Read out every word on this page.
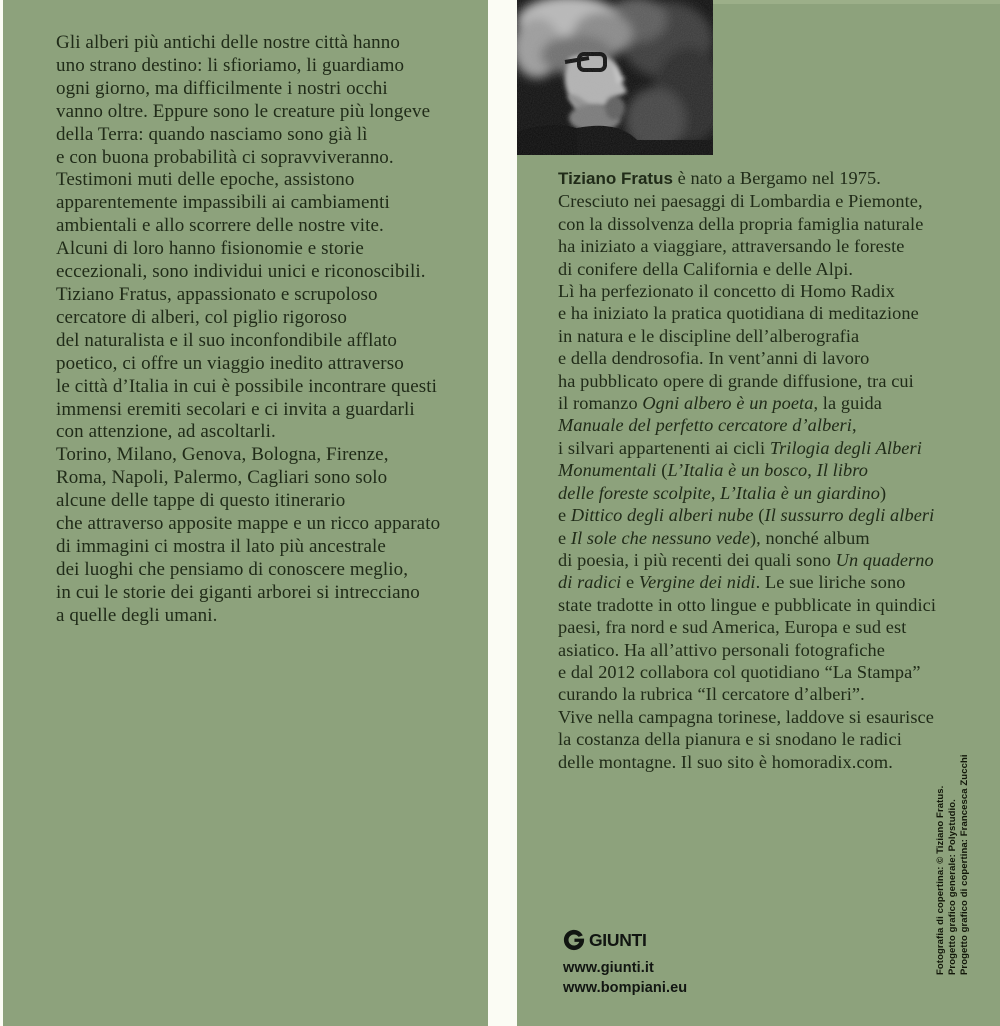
Gli alberi più antichi delle nostre città hanno
uno strano destino: li sfioriamo, li guardiamo
ogni giorno, ma difficilmente i nostri occhi
vanno oltre. Eppure sono le creature più longeve
della Terra: quando nasciamo sono già lì
e con buona probabilità ci sopravviveranno.
Testimoni muti delle epoche, assistono
apparentemente impassibili ai cambiamenti
ambientali e allo scorrere delle nostre vite.
Alcuni di loro hanno fisionomie e storie
eccezionali, sono individui unici e riconoscibili.
Tiziano Fratus, appassionato e scrupoloso
cercatore di alberi, col piglio rigoroso
del naturalista e il suo inconfondibile afflato
poetico, ci offre un viaggio inedito attraverso
le città d’Italia in cui è possibile incontrare questi
immensi eremiti secolari e ci invita a guardarli
con attenzione, ad ascoltarli.
Torino, Milano, Genova, Bologna, Firenze,
Roma, Napoli, Palermo, Cagliari sono solo
alcune delle tappe di questo itinerario
che attraverso apposite mappe e un ricco apparato
di immagini ci mostra il lato più ancestrale
dei luoghi che pensiamo di conoscere meglio,
in cui le storie dei giganti arborei si intrecciano
a quelle degli umani.
Tiziano Fratus è nato a Bergamo nel 1975.
Cresciuto nei paesaggi di Lombardia e Piemonte,
con la dissolvenza della propria famiglia naturale
ha iniziato a viaggiare, attraversando le foreste
di conifere della California e delle Alpi.
Lì ha perfezionato il concetto di Homo Radix
e ha iniziato la pratica quotidiana di meditazione
in natura e le discipline dell’alberografia
e della dendrosofia. In vent’anni di lavoro
ha pubblicato opere di grande diffusione, tra cui
il romanzo Ogni albero è un poeta, la guida
Manuale del perfetto cercatore d’alberi,
i silvari appartenenti ai cicli Trilogia degli Alberi
Monumentali (L’Italia è un bosco, Il libro
delle foreste scolpite, L’Italia è un giardino)
e Dittico degli alberi nube (Il sussurro degli alberi
e Il sole che nessuno vede), nonché album
di poesia, i più recenti dei quali sono Un quaderno
di radici e Vergine dei nidi. Le sue liriche sono
state tradotte in otto lingue e pubblicate in quindici
paesi, fra nord e sud America, Europa e sud est
asiatico. Ha all’attivo personali fotografiche
e dal 2012 collabora col quotidiano “La Stampa”
curando la rubrica “Il cercatore d’alberi”.
Vive nella campagna torinese, laddove si esaurisce
la costanza della pianura e si snodano le radici
delle montagne. Il suo sito è homoradix.com.
GIUNTI
www.giunti.it
www.bompiani.eu
Fotografia di copertina: © Tiziano Fratus. Progetto grafico generale: Polystudio. Progetto grafico di copertina: Francesca Zucchi
